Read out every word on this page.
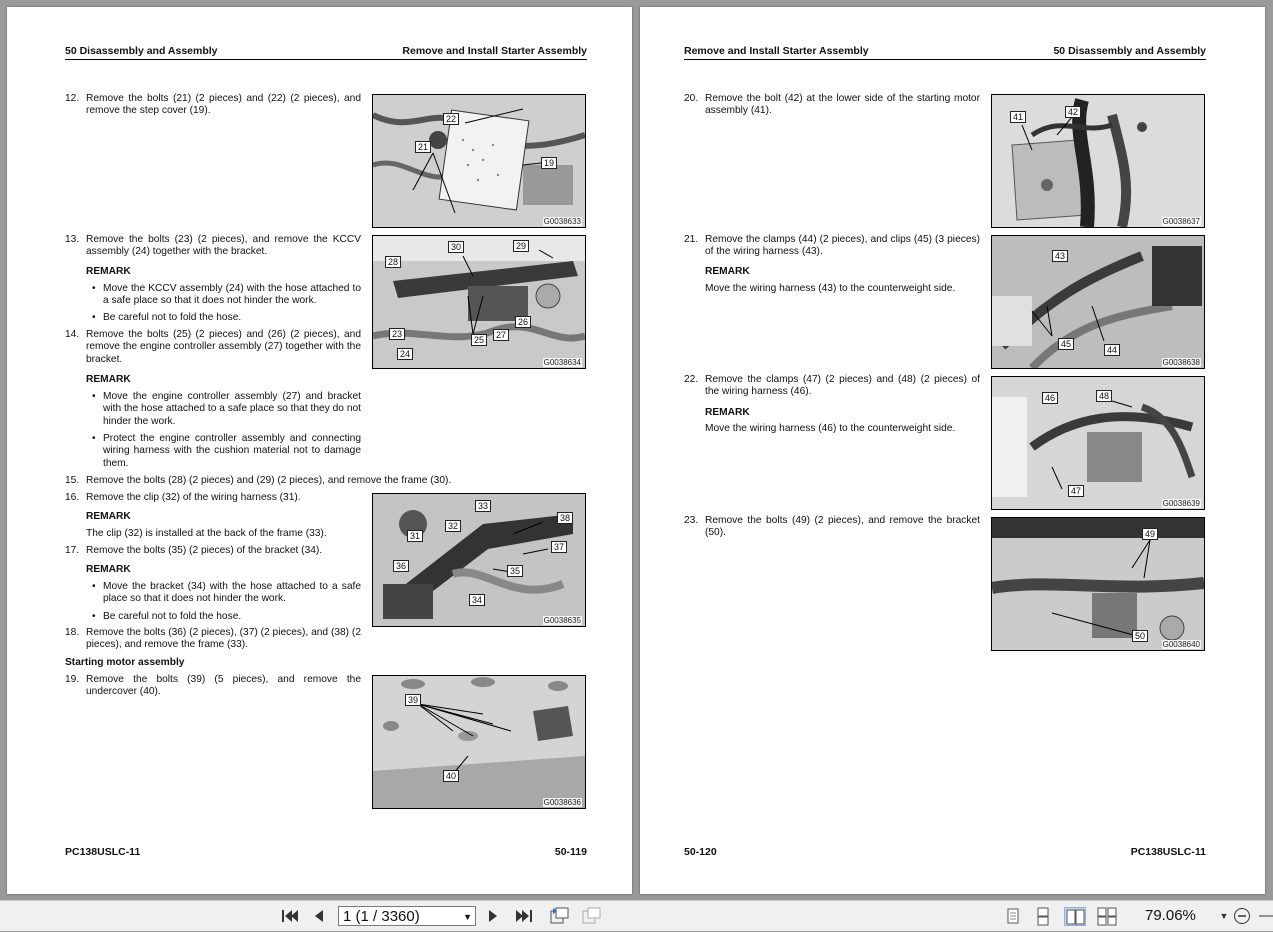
50 Disassembly and Assembly	Remove and Install Starter Assembly
12. Remove the bolts (21) (2 pieces) and (22) (2 pieces), and remove the step cover (19).
13. Remove the bolts (23) (2 pieces), and remove the KCCV assembly (24) together with the bracket.
REMARK
• Move the KCCV assembly (24) with the hose attached to a safe place so that it does not hinder the work.
• Be careful not to fold the hose.
14. Remove the bolts (25) (2 pieces) and (26) (2 pieces), and remove the engine controller assembly (27) together with the bracket.
REMARK
• Move the engine controller assembly (27) and bracket with the hose attached to a safe place so that they do not hinder the work.
• Protect the engine controller assembly and connecting wiring harness with the cushion material not to damage them.
15. Remove the bolts (28) (2 pieces) and (29) (2 pieces), and remove the frame (30).
16. Remove the clip (32) of the wiring harness (31).
REMARK
The clip (32) is installed at the back of the frame (33).
17. Remove the bolts (35) (2 pieces) of the bracket (34).
REMARK
• Move the bracket (34) with the hose attached to a safe place so that it does not hinder the work.
• Be careful not to fold the hose.
18. Remove the bolts (36) (2 pieces), (37) (2 pieces), and (38) (2 pieces), and remove the frame (33).
Starting motor assembly
19. Remove the bolts (39) (5 pieces), and remove the undercover (40).
22
21
19
G0038633
30	29
28
23
24
25	27
26
G0038634
33
38
32
31
37
36	35
34
G0038635
39
40
G0038636
PC138USLC-11	50-119
Remove and Install Starter Assembly	50 Disassembly and Assembly
20. Remove the bolt (42) at the lower side of the starting motor assembly (41).
21. Remove the clamps (44) (2 pieces), and clips (45) (3 pieces) of the wiring harness (43).
REMARK
Move the wiring harness (43) to the counterweight side.
22. Remove the clamps (47) (2 pieces) and (48) (2 pieces) of the wiring harness (46).
REMARK
Move the wiring harness (46) to the counterweight side.
23. Remove the bolts (49) (2 pieces), and remove the bracket (50).
41	42
G0038637
43
45
44
G0038638
46	48
47
G0038639
49
50
G0038640
50-120	PC138USLC-11
1 (1 / 3360)	▼	79.06%	▼
